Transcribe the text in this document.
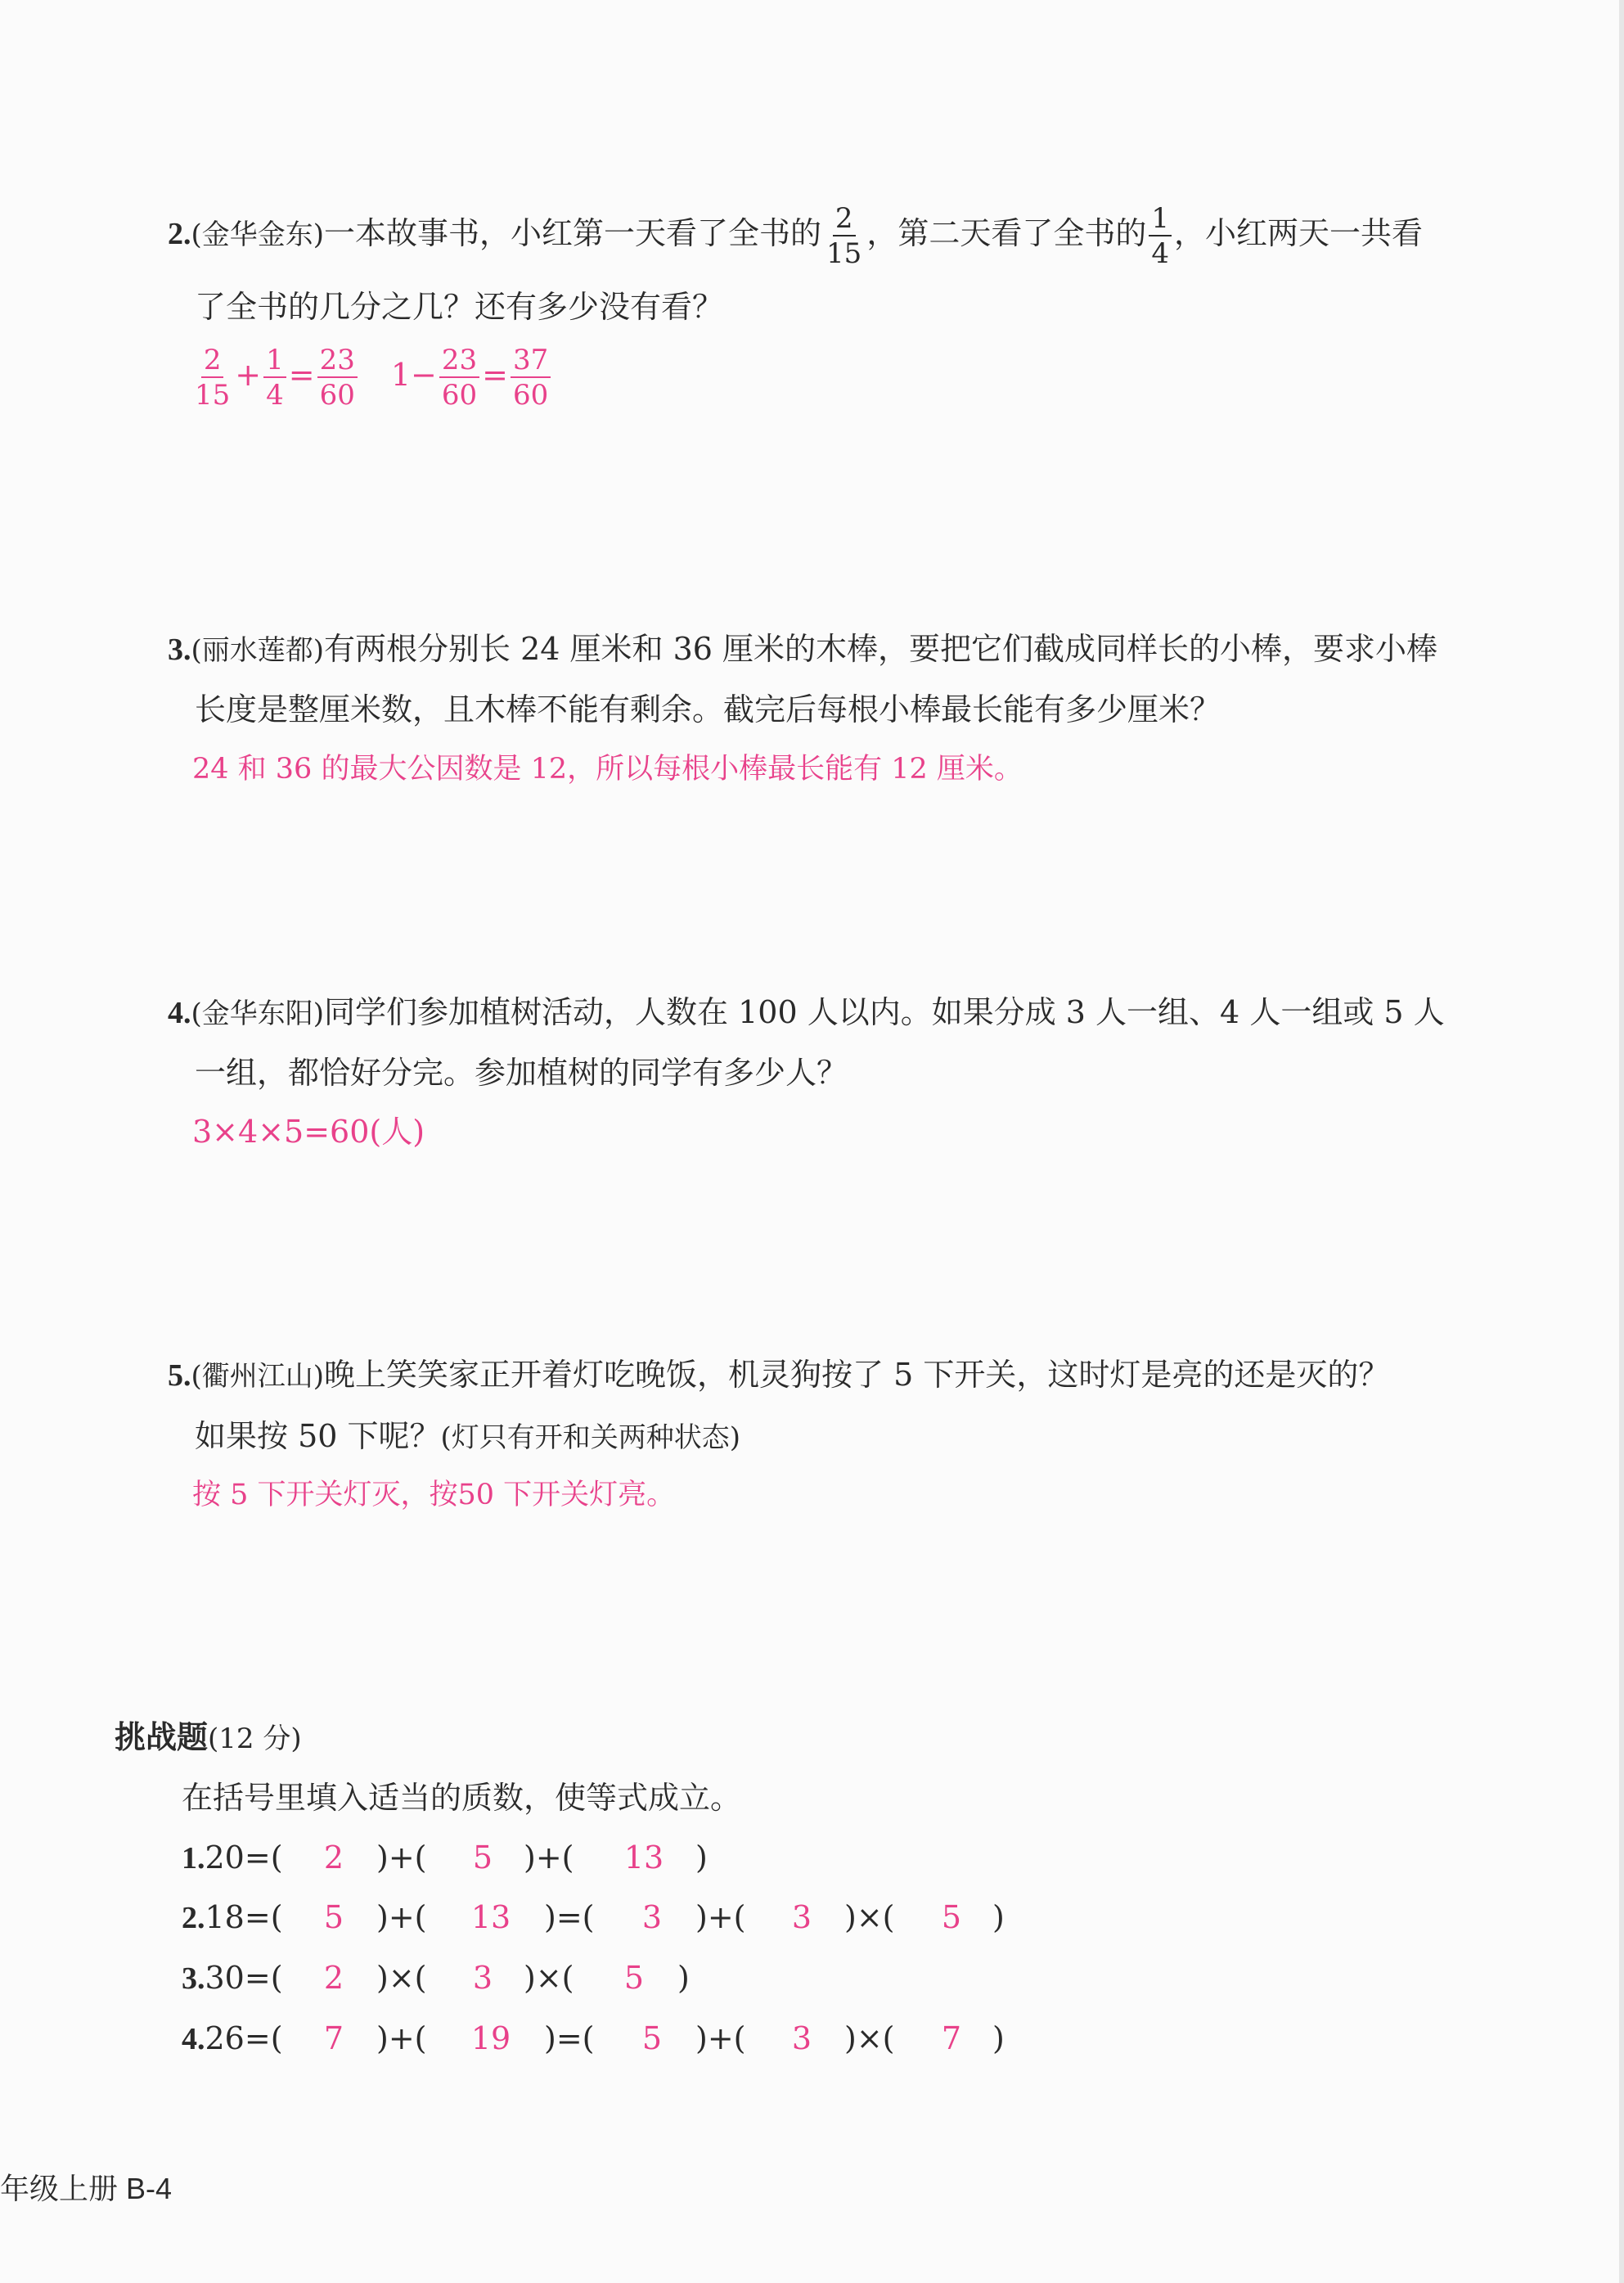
2.(金华金东)一本故事书，小红第一天看了全书的 $\frac{2}{15}$ ，第二天看了全书的 $\frac{1}{4}$ ，小红两天一共看
了全书的几分之几？还有多少没有看？
$\frac{2}{15} + \frac{1}{4} = \frac{23}{60} 1- \frac{23}{60} = \frac{37}{60}$
3.(丽水莲都)有两根分别长 24 厘米和 36 厘米的木棒，要把它们截成同样长的小棒，要求小棒
长度是整厘米数，且木棒不能有剩余。截完后每根小棒最长能有多少厘米？
24 和 36 的最大公因数是 12，所以每根小棒最长能有 12 厘米。
4.(金华东阳)同学们参加植树活动，人数在 100 人以内。如果分成 3 人一组、4 人一组或 5 人
一组，都恰好分完。参加植树的同学有多少人？
3×4×5=60(人)
5.(衢州江山)晚上笑笑家正开着灯吃晚饭，机灵狗按了 5 下开关，这时灯是亮的还是灭的？
如果按 50 下呢？(灯只有开和关两种状态)
按 5 下开关灯灭，按50 下开关灯亮。
挑战题(12 分)
在括号里填入适当的质数，使等式成立。
1.20=(	2	)+(	5 )+(	13	)
2.18=(	5	)+(	13	)=(	3	)+(	3	)×(	5 )
3.30=(	2	)×(	3 )×(	5	)
4.26=(	7	)+(	19	)=(	5	)+(	3	)×(	7 )
年级上册 B-4
